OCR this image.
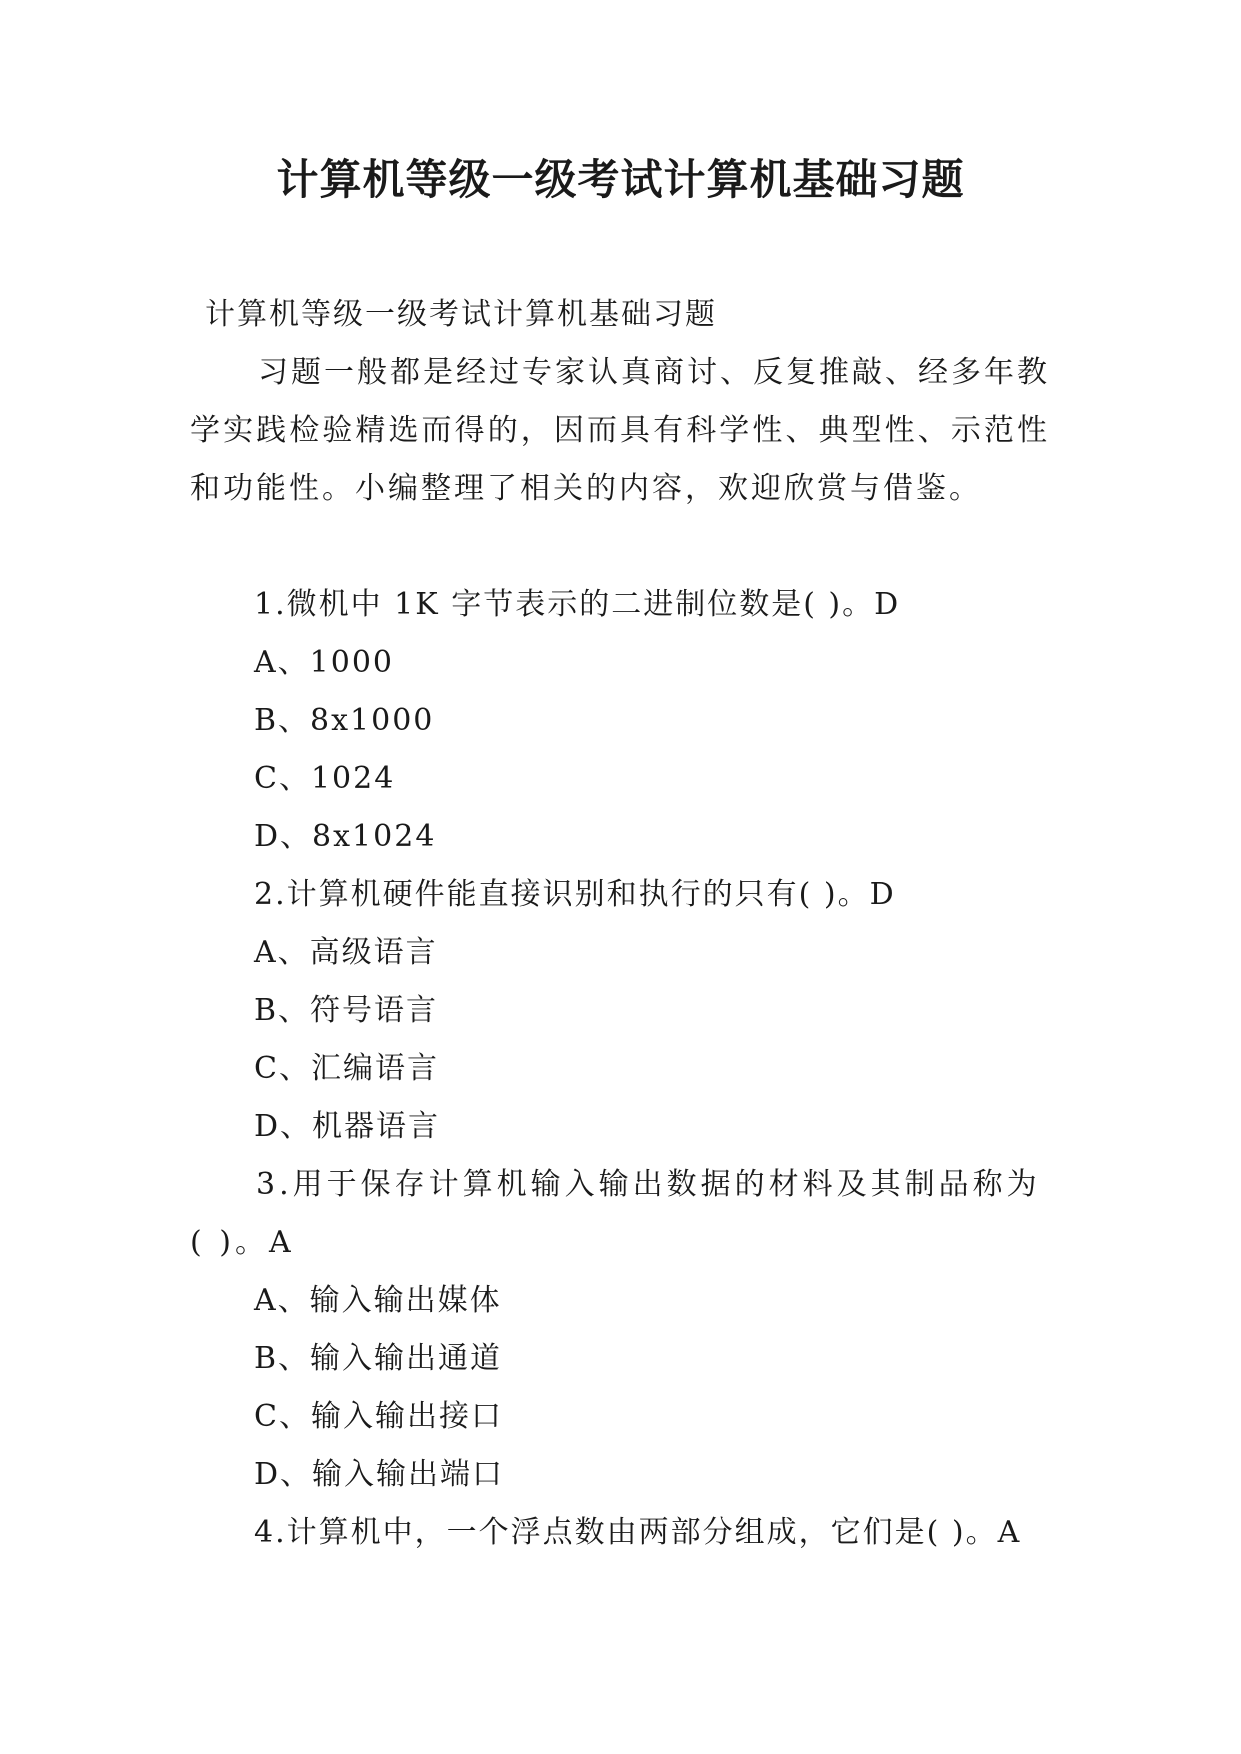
计算机等级一级考试计算机基础习题
计算机等级一级考试计算机基础习题

习题一般都是经过专家认真商讨、反复推敲、经多年教学实践检验精选而得的，因而具有科学性、典型性、示范性和功能性。小编整理了相关的内容，欢迎欣赏与借鉴。

1.微机中 1K 字节表示的二进制位数是( )。D
A、1000
B、8x1000
C、1024
D、8x1024
2.计算机硬件能直接识别和执行的只有( )。D
A、高级语言
B、符号语言
C、汇编语言
D、机器语言
3.用于保存计算机输入输出数据的材料及其制品称为( )。A
A、输入输出媒体
B、输入输出通道
C、输入输出接口
D、输入输出端口
4.计算机中，一个浮点数由两部分组成，它们是( )。A
